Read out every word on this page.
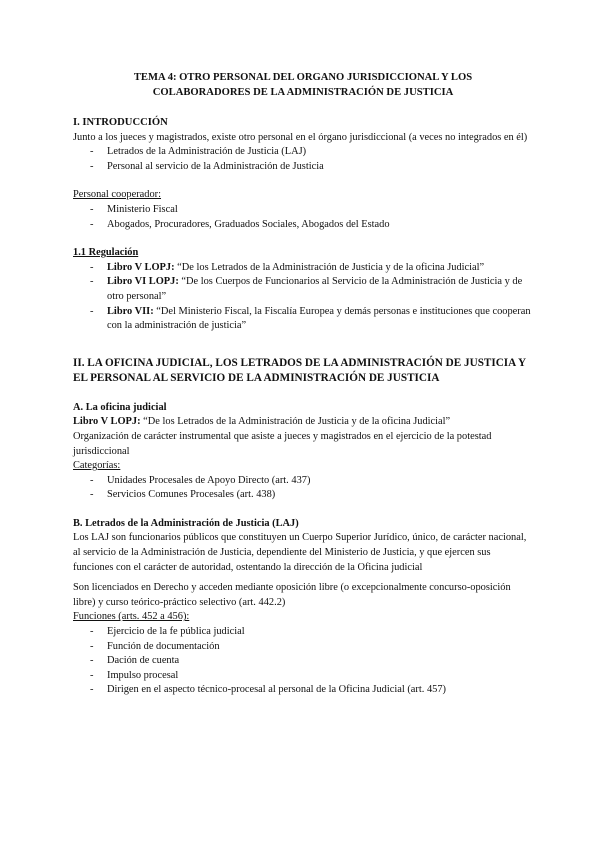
TEMA 4: OTRO PERSONAL DEL ORGANO JURISDICCIONAL Y LOS
COLABORADORES DE LA ADMINISTRACIÓN DE JUSTICIA

I. INTRODUCCIÓN

Junto a los jueces y magistrados, existe otro personal en el órgano jurisdiccional (a veces no integrados en él)

- Letrados de la Administración de Justicia (LAJ)
- Personal al servicio de la Administración de Justicia

Personal cooperador:

- Ministerio Fiscal
- Abogados, Procuradores, Graduados Sociales, Abogados del Estado

1.1 Regulación

- Libro V LOPJ: “De los Letrados de la Administración de Justicia y de la oficina Judicial”
- Libro VI LOPJ: “De los Cuerpos de Funcionarios al Servicio de la Administración de Justicia y de otro personal”
- Libro VII: “Del Ministerio Fiscal, la Fiscalía Europea y demás personas e instituciones que cooperan con la administración de justicia”

II. LA OFICINA JUDICIAL, LOS LETRADOS DE LA ADMINISTRACIÓN DE JUSTICIA Y EL PERSONAL AL SERVICIO DE LA ADMINISTRACIÓN DE JUSTICIA

A. La oficina judicial

Libro V LOPJ: “De los Letrados de la Administración de Justicia y de la oficina Judicial”

Organización de carácter instrumental que asiste a jueces y magistrados en el ejercicio de la potestad jurisdiccional

Categorías:

- Unidades Procesales de Apoyo Directo (art. 437)
- Servicios Comunes Procesales (art. 438)

B. Letrados de la Administración de Justicia (LAJ)

Los LAJ son funcionarios públicos que constituyen un Cuerpo Superior Jurídico, único, de carácter nacional, al servicio de la Administración de Justicia, dependiente del Ministerio de Justicia, y que ejercen sus funciones con el carácter de autoridad, ostentando la dirección de la Oficina judicial

Son licenciados en Derecho y acceden mediante oposición libre (o excepcionalmente concurso-oposición libre) y curso teórico-práctico selectivo (art. 442.2)

Funciones (arts. 452 a 456):

- Ejercicio de la fe pública judicial
- Función de documentación
- Dación de cuenta
- Impulso procesal
- Dirigen en el aspecto técnico-procesal al personal de la Oficina Judicial (art. 457)
